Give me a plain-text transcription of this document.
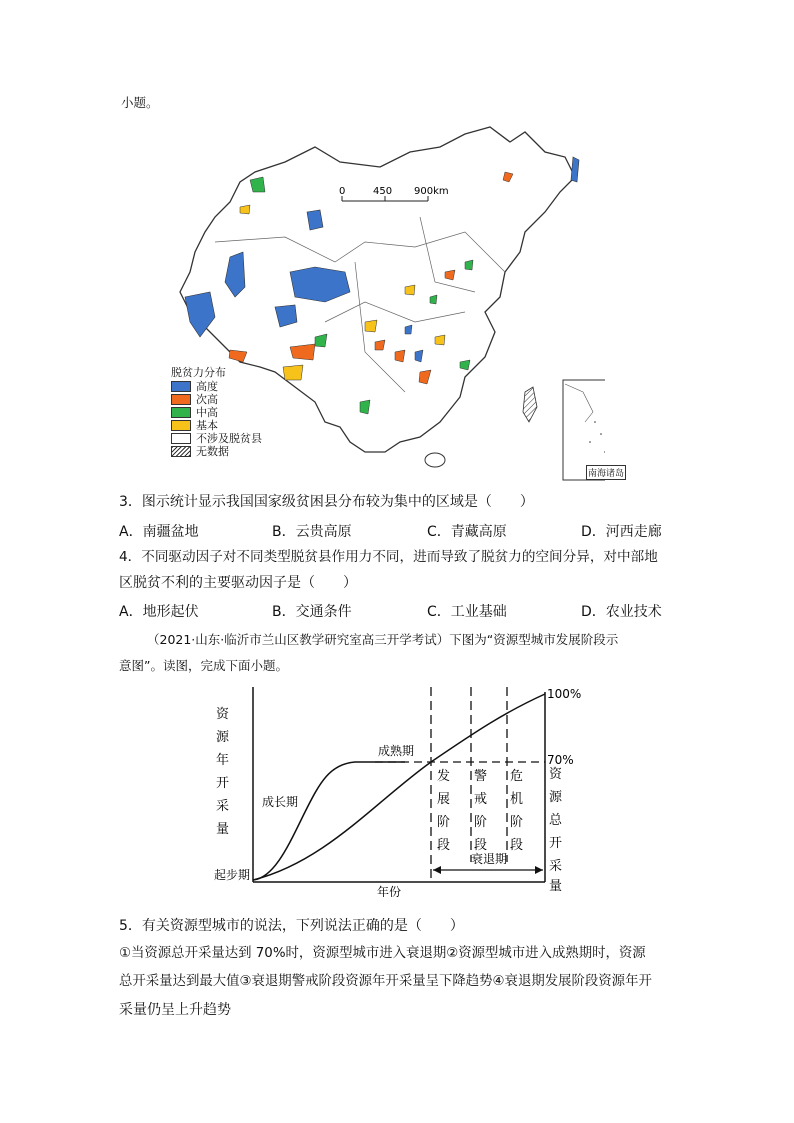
小题。
0	450 900km
脱贫力分布
高度
次高
中高
基本
不涉及脱贫县
无数据
南海诸岛
3．图示统计显示我国国家级贫困县分布较为集中的区域是（　　）
A．南疆盆地	B．云贵高原	C．青藏高原	D．河西走廊
4．不同驱动因子对不同类型脱贫县作用力不同，进而导致了脱贫力的空间分异，对中部地
区脱贫不利的主要驱动因子是（　　）
A．地形起伏	B．交通条件	C．工业基础	D．农业技术
（2021·山东·临沂市兰山区教学研究室高三开学考试）下图为“资源型城市发展阶段示
意图”。读图，完成下面小题。
100%
70%
起步期
成长期
成熟期
衰退期
年份
资
源
年
开
采
量
资
源
总
开
采
量
发
展
阶
段
警
戒
阶
段
危
机
阶
段
5．有关资源型城市的说法，下列说法正确的是（　　）
①当资源总开采量达到 70%时，资源型城市进入衰退期②资源型城市进入成熟期时，资源
总开采量达到最大值③衰退期警戒阶段资源年开采量呈下降趋势④衰退期发展阶段资源年开
采量仍呈上升趋势
